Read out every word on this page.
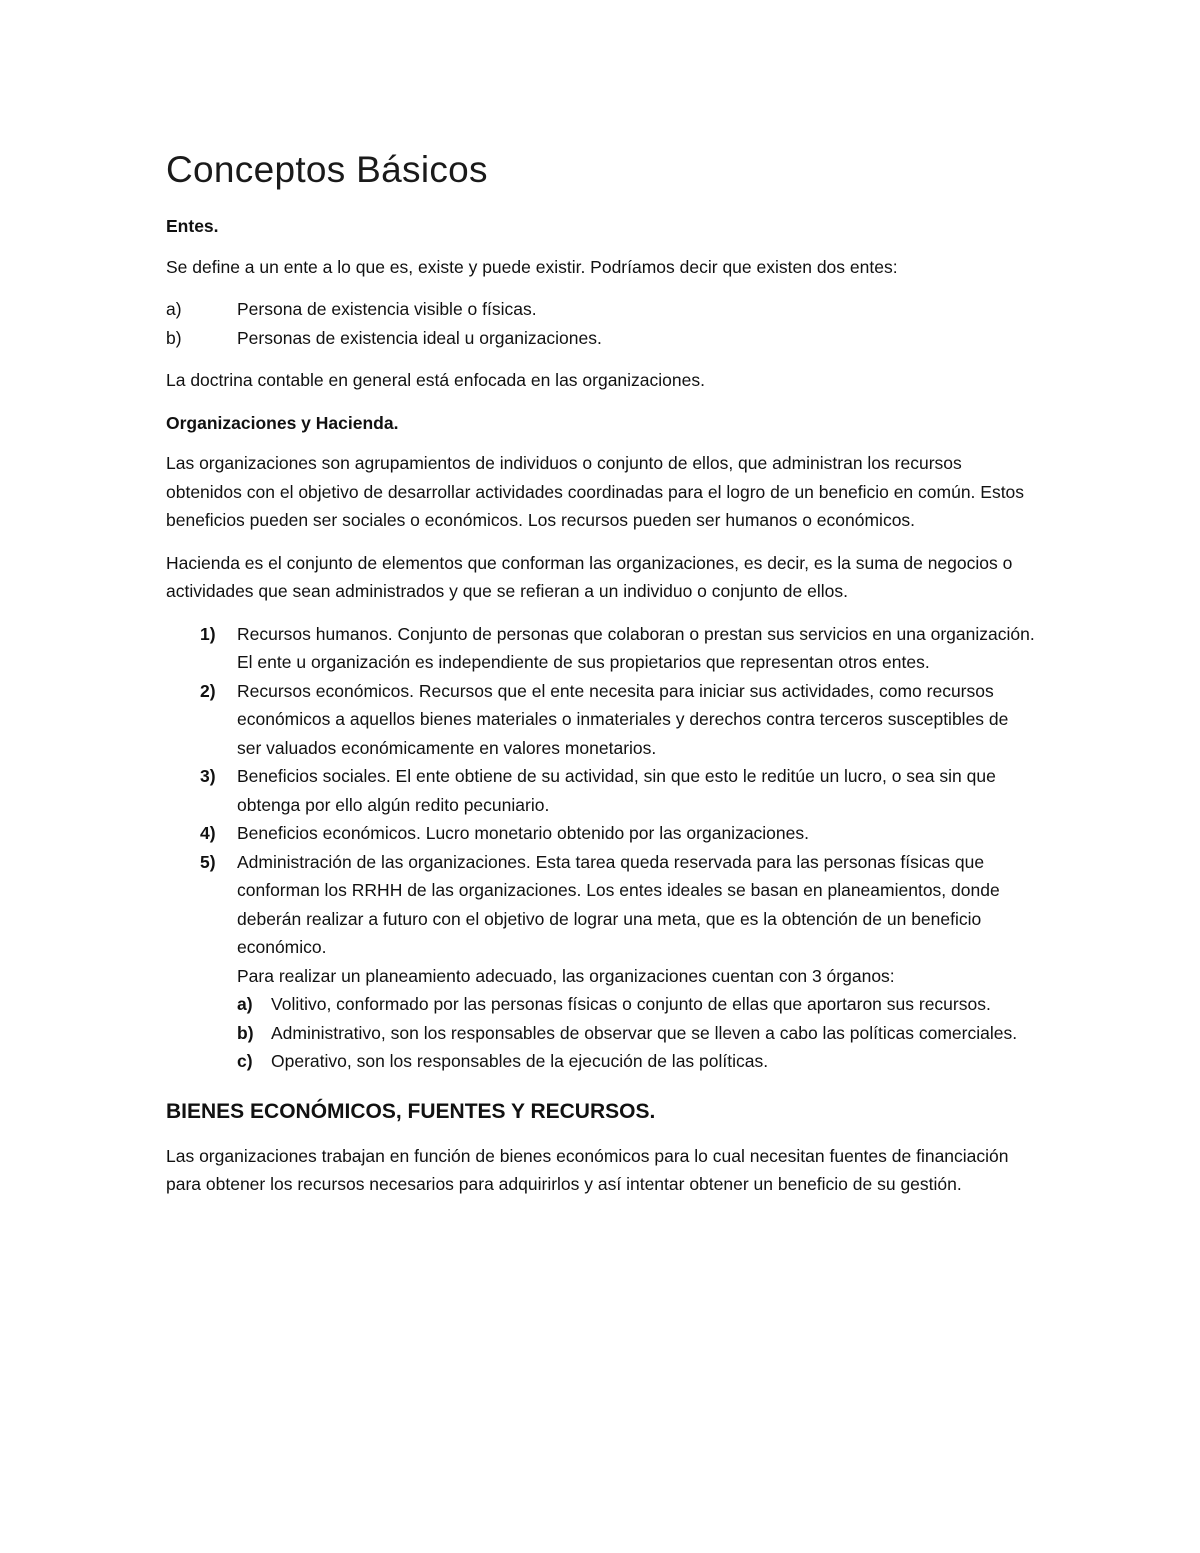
Conceptos Básicos
Entes.

Se define a un ente a lo que es, existe y puede existir. Podríamos decir que existen dos entes:

a)	Persona de existencia visible o físicas.
b)	Personas de existencia ideal u organizaciones.

La doctrina contable en general está enfocada en las organizaciones.

Organizaciones y Hacienda.

Las organizaciones son agrupamientos de individuos o conjunto de ellos, que administran los recursos obtenidos con el objetivo de desarrollar actividades coordinadas para el logro de un beneficio en común. Estos beneficios pueden ser sociales o económicos. Los recursos pueden ser humanos o económicos.

Hacienda es el conjunto de elementos que conforman las organizaciones, es decir, es la suma de negocios o actividades que sean administrados y que se refieran a un individuo o conjunto de ellos.

1) Recursos humanos. Conjunto de personas que colaboran o prestan sus servicios en una organización. El ente u organización es independiente de sus propietarios que representan otros entes.
2) Recursos económicos. Recursos que el ente necesita para iniciar sus actividades, como recursos económicos a aquellos bienes materiales o inmateriales y derechos contra terceros susceptibles de ser valuados económicamente en valores monetarios.
3) Beneficios sociales. El ente obtiene de su actividad, sin que esto le reditúe un lucro, o sea sin que obtenga por ello algún redito pecuniario.
4) Beneficios económicos. Lucro monetario obtenido por las organizaciones.
5) Administración de las organizaciones. Esta tarea queda reservada para las personas físicas que conforman los RRHH de las organizaciones. Los entes ideales se basan en planeamientos, donde deberán realizar a futuro con el objetivo de lograr una meta, que es la obtención de un beneficio económico.
Para realizar un planeamiento adecuado, las organizaciones cuentan con 3 órganos:
a) Volitivo, conformado por las personas físicas o conjunto de ellas que aportaron sus recursos.
b) Administrativo, son los responsables de observar que se lleven a cabo las políticas comerciales.
c) Operativo, son los responsables de la ejecución de las políticas.
BIENES ECONÓMICOS, FUENTES Y RECURSOS.

Las organizaciones trabajan en función de bienes económicos para lo cual necesitan fuentes de financiación para obtener los recursos necesarios para adquirirlos y así intentar obtener un beneficio de su gestión.
